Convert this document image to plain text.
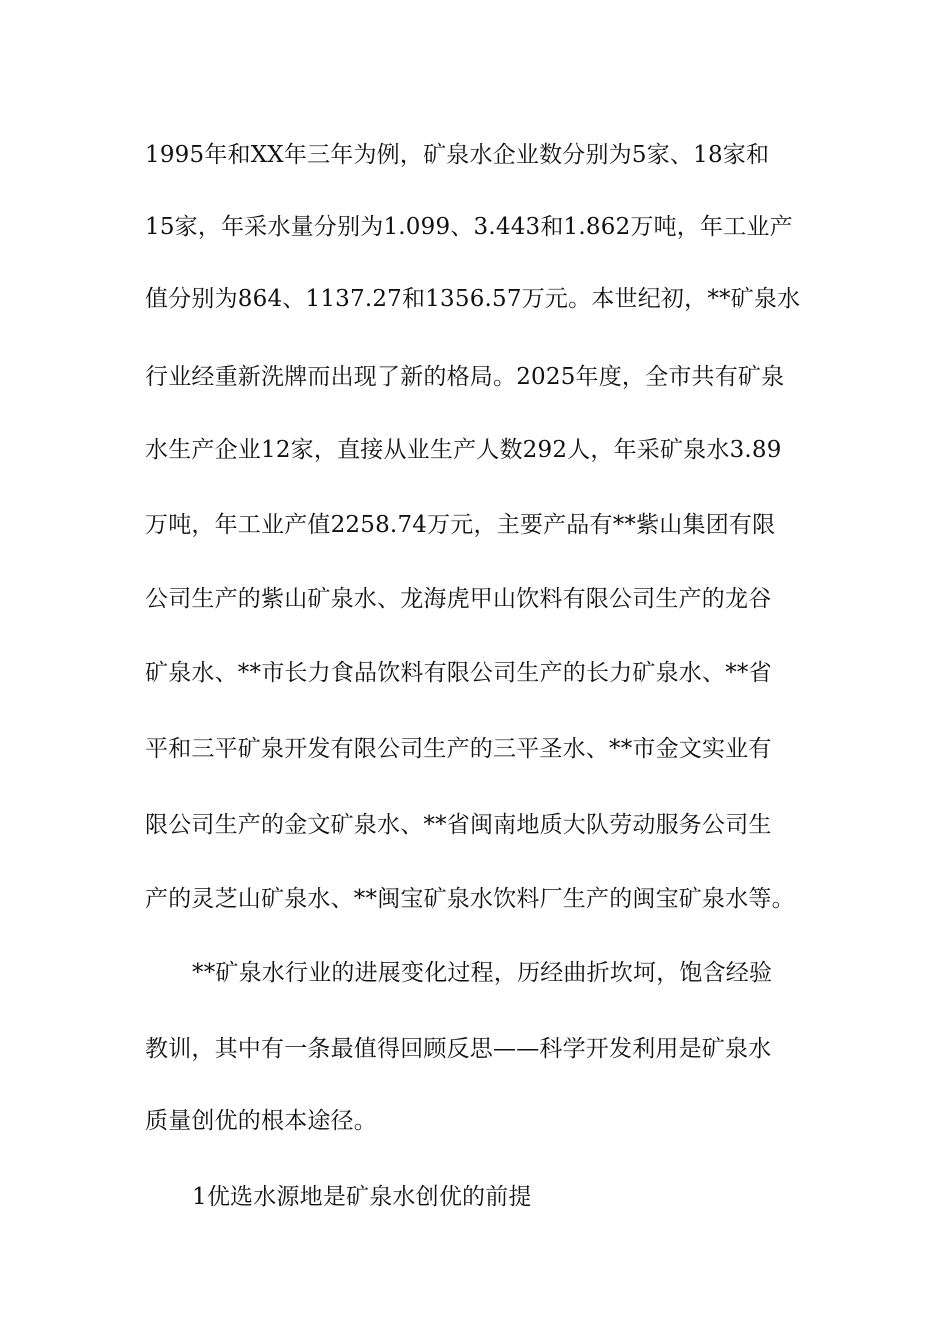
1995年和XX年三年为例，矿泉水企业数分别为5家、18家和
15家，年采水量分别为1.099、3.443和1.862万吨，年工业产
值分别为864、1137.27和1356.57万元。本世纪初，**矿泉水
行业经重新洗牌而出现了新的格局。2025年度，全市共有矿泉
水生产企业12家，直接从业生产人数292人，年采矿泉水3.89
万吨，年工业产值2258.74万元，主要产品有**紫山集团有限
公司生产的紫山矿泉水、龙海虎甲山饮料有限公司生产的龙谷
矿泉水、**市长力食品饮料有限公司生产的长力矿泉水、**省
平和三平矿泉开发有限公司生产的三平圣水、**市金文实业有
限公司生产的金文矿泉水、**省闽南地质大队劳动服务公司生
产的灵芝山矿泉水、**闽宝矿泉水饮料厂生产的闽宝矿泉水等。
**矿泉水行业的进展变化过程，历经曲折坎坷，饱含经验
教训，其中有一条最值得回顾反思——科学开发利用是矿泉水
质量创优的根本途径。
1优选水源地是矿泉水创优的前提
